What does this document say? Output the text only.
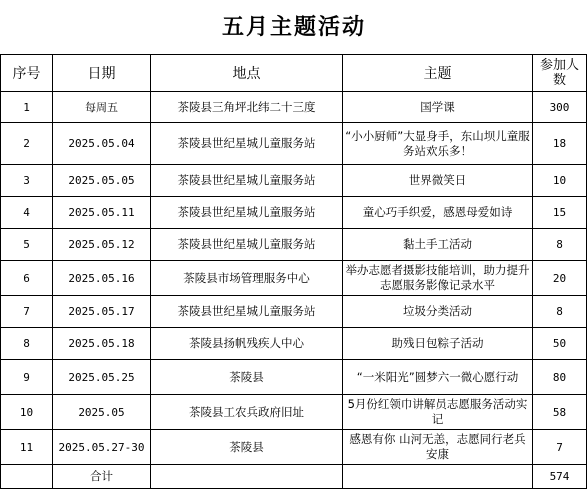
五月主题活动
序号	日期	地点	主题	参加人数
1	每周五	茶陵县三角坪北纬二十三度	国学课	300
2	2025.05.04	茶陵县世纪星城儿童服务站	“小小厨师”大显身手，东山坝儿童服务站欢乐多！	18
3	2025.05.05	茶陵县世纪星城儿童服务站	世界微笑日	10
4	2025.05.11	茶陵县世纪星城儿童服务站	童心巧手织爱，感恩母爱如诗	15
5	2025.05.12	茶陵县世纪星城儿童服务站	黏土手工活动	8
6	2025.05.16	茶陵县市场管理服务中心	举办志愿者摄影技能培训，助力提升志愿服务影像记录水平	20
7	2025.05.17	茶陵县世纪星城儿童服务站	垃圾分类活动	8
8	2025.05.18	茶陵县扬帆残疾人中心	助残日包粽子活动	50
9	2025.05.25	茶陵县	“一米阳光”圆梦六一微心愿行动	80
10	2025.05	茶陵县工农兵政府旧址	5月份红领巾讲解员志愿服务活动实记	58
11	2025.05.27-30	茶陵县	感恩有你 山河无恙，志愿同行老兵安康	7
	合计			574
